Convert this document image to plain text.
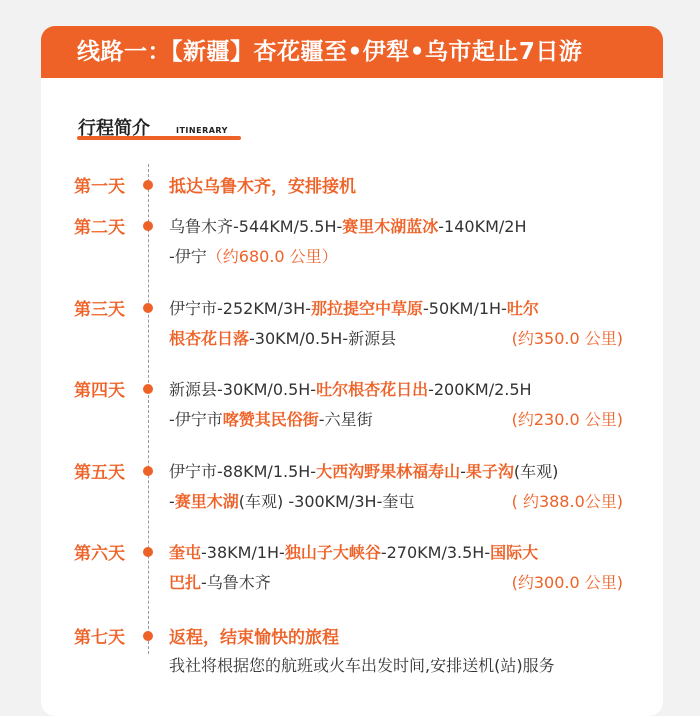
线路一：【新疆】杏花疆至•伊犁•乌市起止7日游
行程简介	ITINERARY
第一天	抵达乌鲁木齐，安排接机
第二天	乌鲁木齐-544KM/5.5H-赛里木湖蓝冰-140KM/2H
-伊宁（约680.0 公里）
第三天	伊宁市-252KM/3H-那拉提空中草原-50KM/1H-吐尔
根杏花日落-30KM/0.5H-新源县	(约350.0 公里)
第四天	新源县-30KM/0.5H-吐尔根杏花日出-200KM/2.5H
-伊宁市喀赞其民俗街-六星街	(约230.0 公里)
第五天	伊宁市-88KM/1.5H-大西沟野果林福寿山-果子沟(车观)
-赛里木湖(车观) -300KM/3H-奎屯	( 约388.0公里)
第六天	奎屯-38KM/1H-独山子大峡谷-270KM/3.5H-国际大
巴扎-乌鲁木齐	(约300.0 公里)
第七天	返程，结束愉快的旅程
我社将根据您的航班或火车出发时间,安排送机(站)服务
